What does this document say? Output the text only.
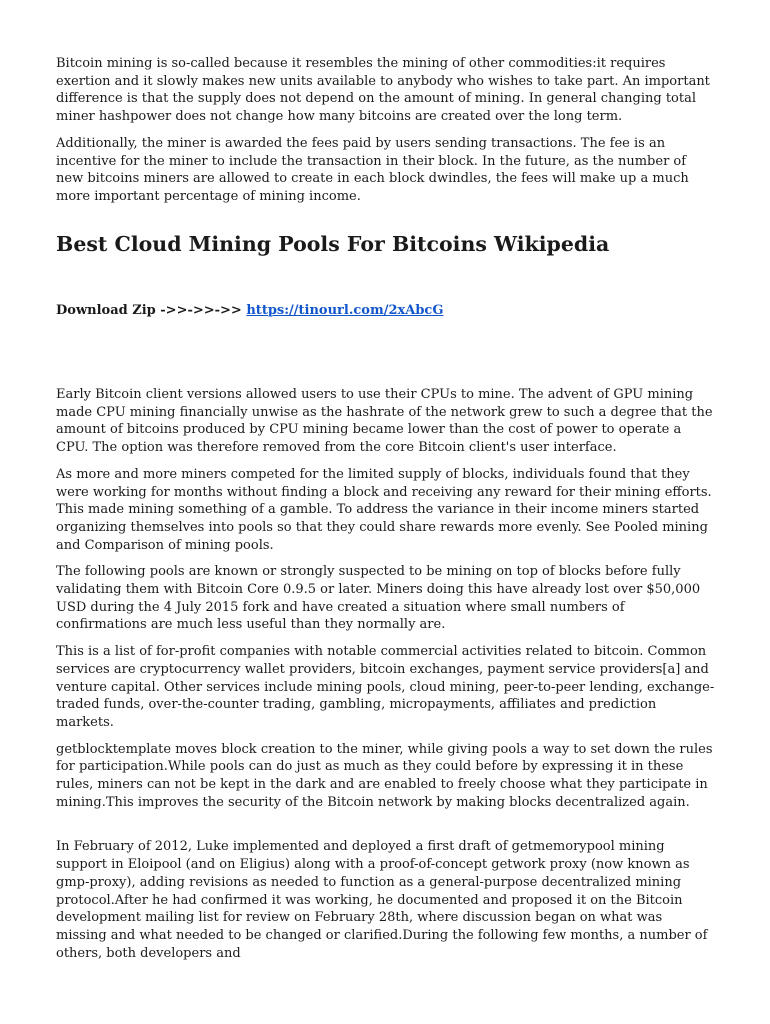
Bitcoin mining is so-called because it resembles the mining of other commodities:it requires exertion and it slowly makes new units available to anybody who wishes to take part. An important difference is that the supply does not depend on the amount of mining. In general changing total miner hashpower does not change how many bitcoins are created over the long term.

Additionally, the miner is awarded the fees paid by users sending transactions. The fee is an incentive for the miner to include the transaction in their block. In the future, as the number of new bitcoins miners are allowed to create in each block dwindles, the fees will make up a much more important percentage of mining income.

Best Cloud Mining Pools For Bitcoins Wikipedia
Download Zip ->>->>->> https://tinourl.com/2xAbcG

Early Bitcoin client versions allowed users to use their CPUs to mine. The advent of GPU mining made CPU mining financially unwise as the hashrate of the network grew to such a degree that the amount of bitcoins produced by CPU mining became lower than the cost of power to operate a CPU. The option was therefore removed from the core Bitcoin client's user interface.

As more and more miners competed for the limited supply of blocks, individuals found that they were working for months without finding a block and receiving any reward for their mining efforts. This made mining something of a gamble. To address the variance in their income miners started organizing themselves into pools so that they could share rewards more evenly. See Pooled mining and Comparison of mining pools.

The following pools are known or strongly suspected to be mining on top of blocks before fully validating them with Bitcoin Core 0.9.5 or later. Miners doing this have already lost over $50,000 USD during the 4 July 2015 fork and have created a situation where small numbers of confirmations are much less useful than they normally are.

This is a list of for-profit companies with notable commercial activities related to bitcoin. Common services are cryptocurrency wallet providers, bitcoin exchanges, payment service providers[a] and venture capital. Other services include mining pools, cloud mining, peer-to-peer lending, exchange-traded funds, over-the-counter trading, gambling, micropayments, affiliates and prediction markets.

getblocktemplate moves block creation to the miner, while giving pools a way to set down the rules for participation.While pools can do just as much as they could before by expressing it in these rules, miners can not be kept in the dark and are enabled to freely choose what they participate in mining.This improves the security of the Bitcoin network by making blocks decentralized again.

In February of 2012, Luke implemented and deployed a first draft of getmemorypool mining support in Eloipool (and on Eligius) along with a proof-of-concept getwork proxy (now known as gmp-proxy), adding revisions as needed to function as a general-purpose decentralized mining protocol.After he had confirmed it was working, he documented and proposed it on the Bitcoin development mailing list for review on February 28th, where discussion began on what was missing and what needed to be changed or clarified.During the following few months, a number of others, both developers and
